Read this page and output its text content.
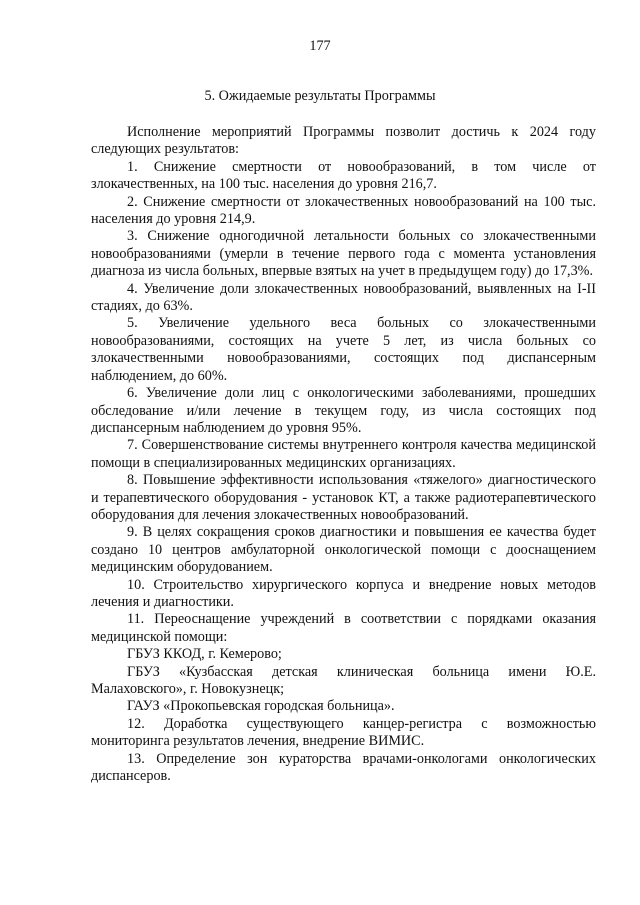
177
5. Ожидаемые результаты Программы

Исполнение мероприятий Программы позволит достичь к 2024 году следующих результатов:

1. Снижение смертности от новообразований, в том числе от злокачественных, на 100 тыс. населения до уровня 216,7.

2. Снижение смертности от злокачественных новообразований на 100 тыс. населения до уровня 214,9.

3. Снижение одногодичной летальности больных со злокачественными новообразованиями (умерли в течение первого года с момента установления диагноза из числа больных, впервые взятых на учет в предыдущем году) до 17,3%.

4. Увеличение доли злокачественных новообразований, выявленных на I-II стадиях, до 63%.

5. Увеличение удельного веса больных со злокачественными новообразованиями, состоящих на учете 5 лет, из числа больных со злокачественными новообразованиями, состоящих под диспансерным наблюдением, до 60%.

6. Увеличение доли лиц с онкологическими заболеваниями, прошедших обследование и/или лечение в текущем году, из числа состоящих под диспансерным наблюдением до уровня 95%.

7. Совершенствование системы внутреннего контроля качества медицинской помощи в специализированных медицинских организациях.

8. Повышение эффективности использования «тяжелого» диагностического и терапевтического оборудования - установок КТ, а также радиотерапевтического оборудования для лечения злокачественных новообразований.

9. В целях сокращения сроков диагностики и повышения ее качества будет создано 10 центров амбулаторной онкологической помощи с дооснащением медицинским оборудованием.

10. Строительство хирургического корпуса и внедрение новых методов лечения и диагностики.

11. Переоснащение учреждений в соответствии с порядками оказания медицинской помощи:

ГБУЗ ККОД, г. Кемерово;

ГБУЗ «Кузбасская детская клиническая больница имени Ю.Е. Малаховского», г. Новокузнецк;

ГАУЗ «Прокопьевская городская больница».

12. Доработка существующего канцер-регистра с возможностью мониторинга результатов лечения, внедрение ВИМИС.

13. Определение зон кураторства врачами-онкологами онкологических диспансеров.
